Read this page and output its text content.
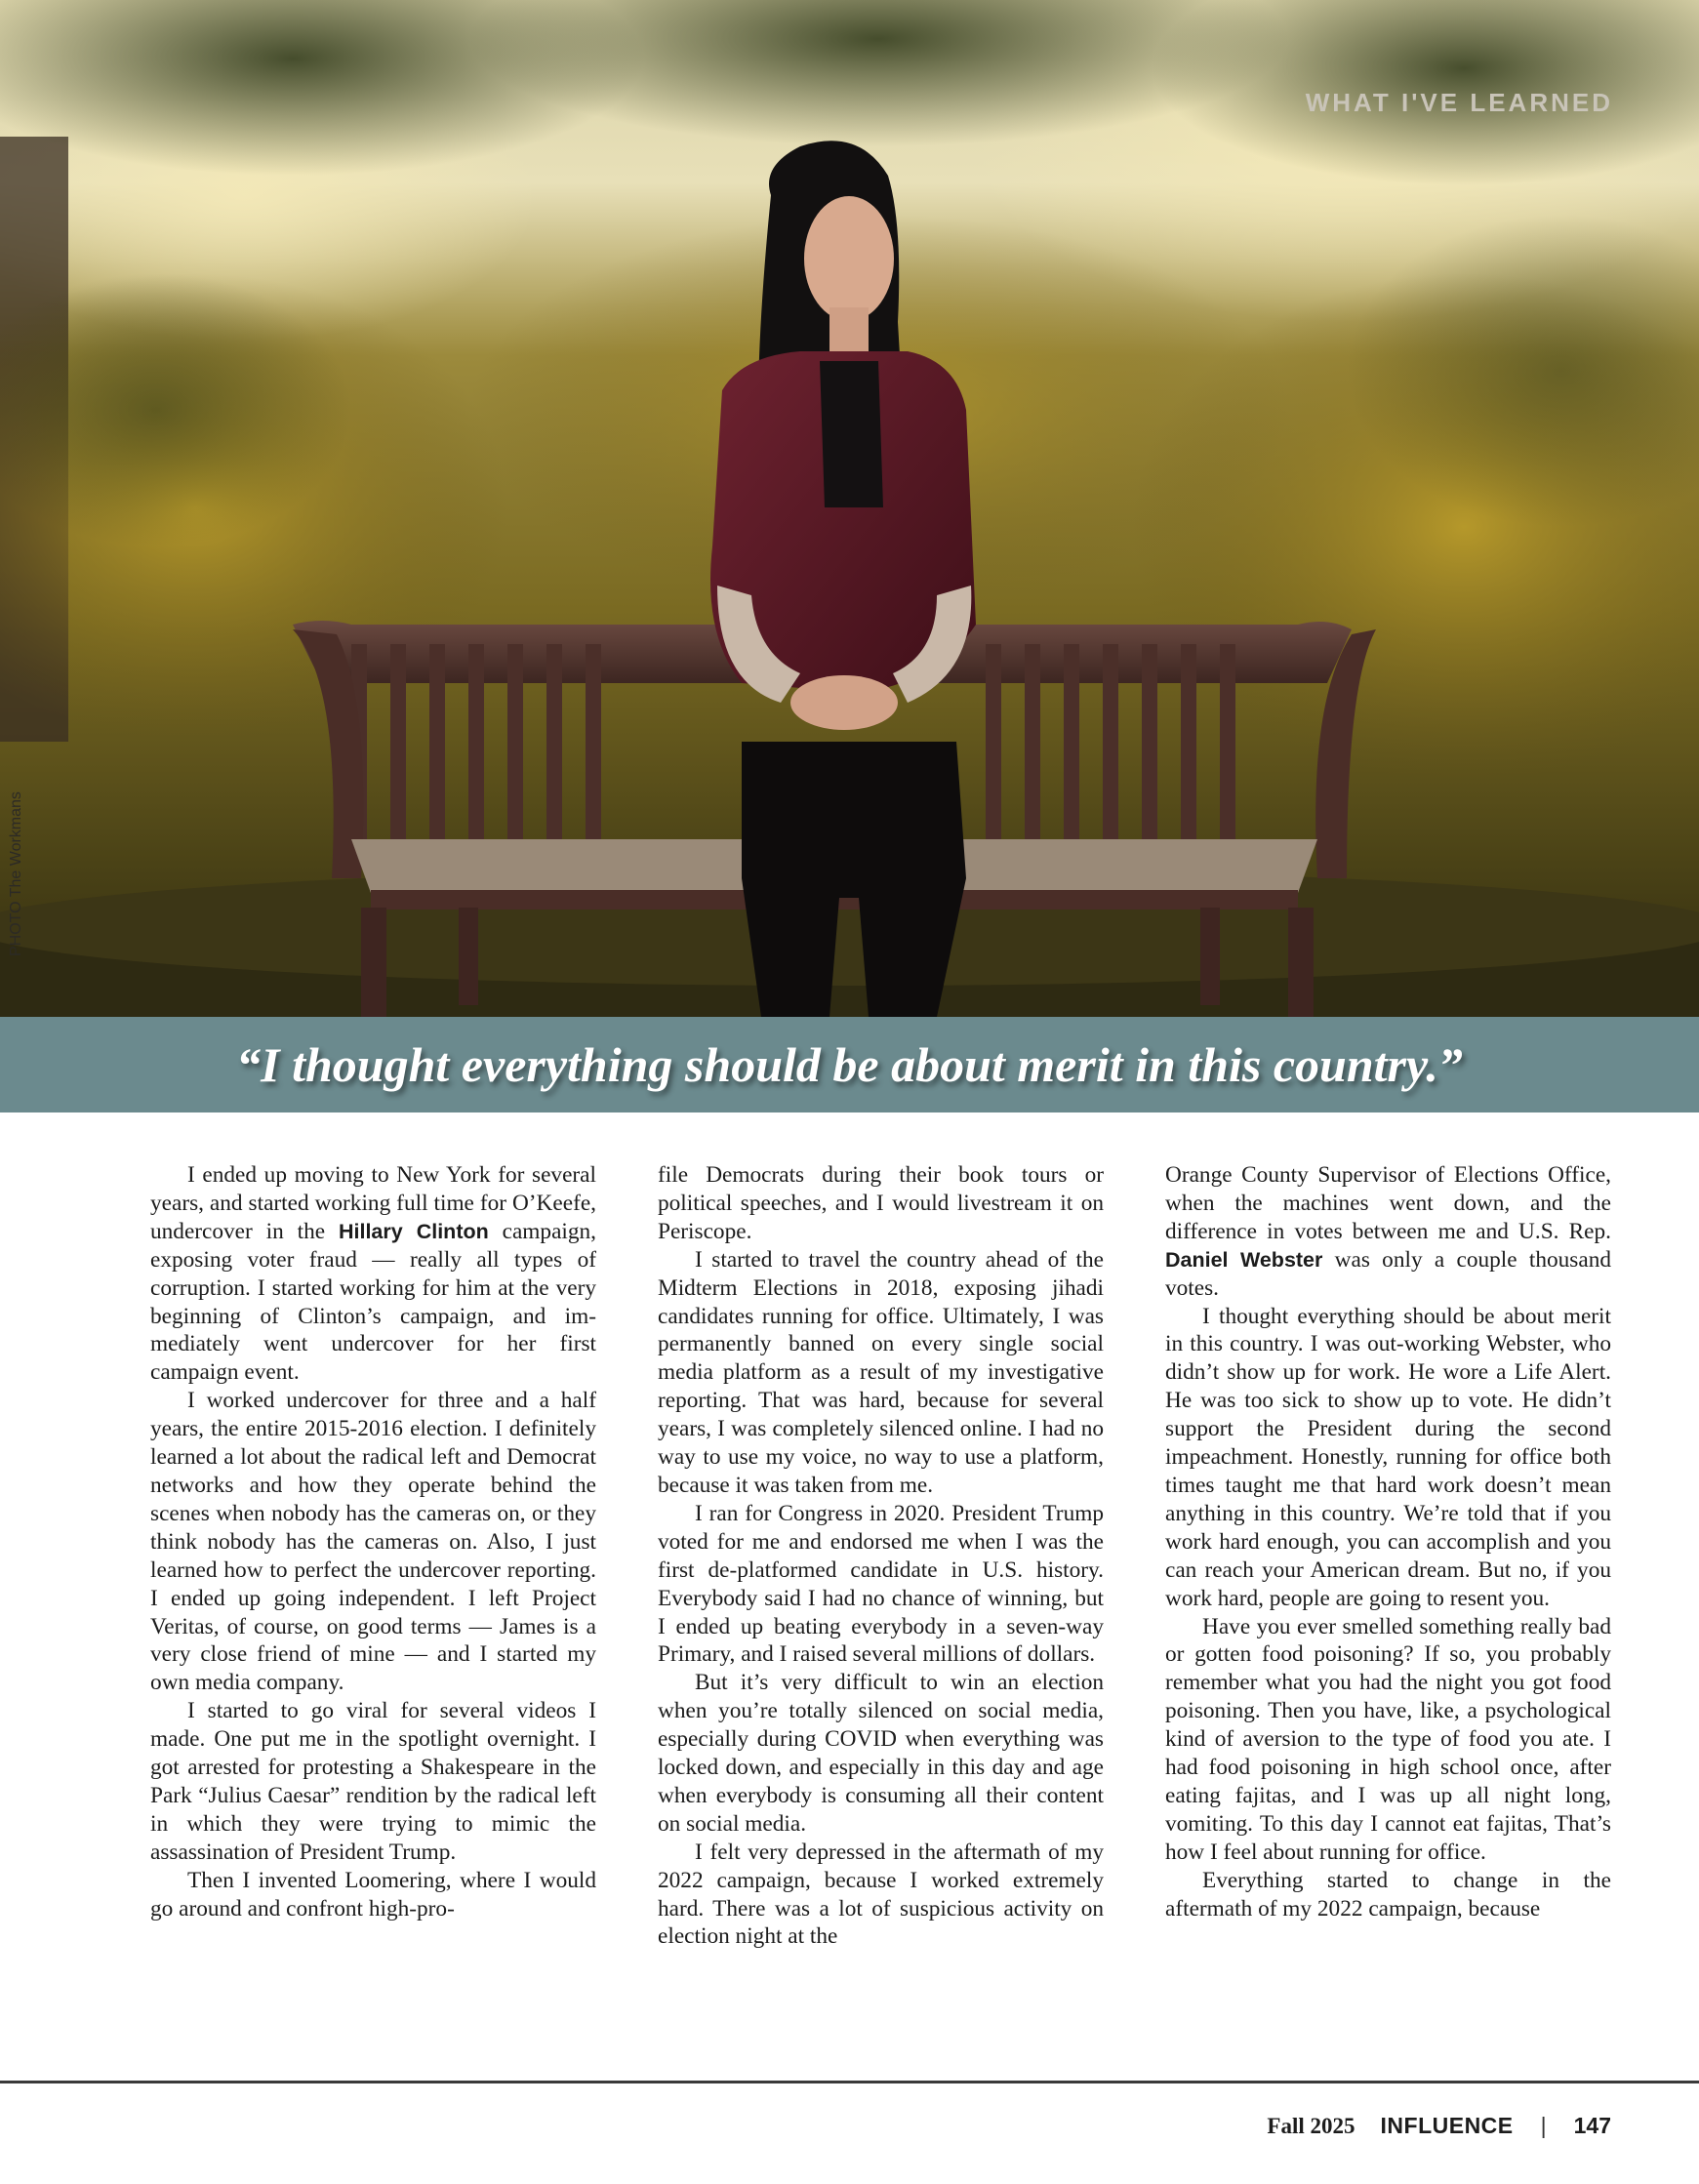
WHAT I'VE LEARNED
PHOTO The Workmans

“I thought everything should be about merit in this country.”

I ended up moving to New York for several years, and started working full time for O’Keefe, undercover in the Hillary Clinton campaign, exposing voter fraud — really all types of corruption. I started working for him at the very beginning of Clinton’s campaign, and immediately went undercover for her first campaign event.

I worked undercover for three and a half years, the entire 2015-2016 election. I definitely learned a lot about the radical left and Democrat networks and how they operate behind the scenes when nobody has the cameras on, or they think nobody has the cameras on. Also, I just learned how to perfect the undercover reporting. I ended up going independent. I left Project Veritas, of course, on good terms — James is a very close friend of mine — and I started my own media company.

I started to go viral for several videos I made. One put me in the spotlight overnight. I got arrested for protesting a Shakespeare in the Park “Julius Caesar” rendition by the radical left in which they were trying to mimic the assassination of President Trump.

Then I invented Loomering, where I would go around and confront high-pro-

file Democrats during their book tours or political speeches, and I would livestream it on Periscope.

I started to travel the country ahead of the Midterm Elections in 2018, exposing jihadi candidates running for office. Ultimately, I was permanently banned on every single social media platform as a result of my investigative reporting. That was hard, because for several years, I was completely silenced online. I had no way to use my voice, no way to use a platform, because it was taken from me.

I ran for Congress in 2020. President Trump voted for me and endorsed me when I was the first de-platformed candidate in U.S. history. Everybody said I had no chance of winning, but I ended up beating everybody in a seven-way Primary, and I raised several millions of dollars.

But it’s very difficult to win an election when you’re totally silenced on social media, especially during COVID when everything was locked down, and especially in this day and age when everybody is consuming all their content on social media.

I felt very depressed in the aftermath of my 2022 campaign, because I worked extremely hard. There was a lot of suspicious activity on election night at the

Orange County Supervisor of Elections Office, when the machines went down, and the difference in votes between me and U.S. Rep. Daniel Webster was only a couple thousand votes.

I thought everything should be about merit in this country. I was out-working Webster, who didn’t show up for work. He wore a Life Alert. He was too sick to show up to vote. He didn’t support the President during the second impeachment. Honestly, running for office both times taught me that hard work doesn’t mean anything in this country. We’re told that if you work hard enough, you can accomplish and you can reach your American dream. But no, if you work hard, people are going to resent you.

Have you ever smelled something really bad or gotten food poisoning? If so, you probably remember what you had the night you got food poisoning. Then you have, like, a psychological kind of aversion to the type of food you ate. I had food poisoning in high school once, after eating fajitas, and I was up all night long, vomiting. To this day I cannot eat fajitas, That’s how I feel about running for office.

Everything started to change in the aftermath of my 2022 campaign, because

Fall 2025 INFLUENCE | 147
